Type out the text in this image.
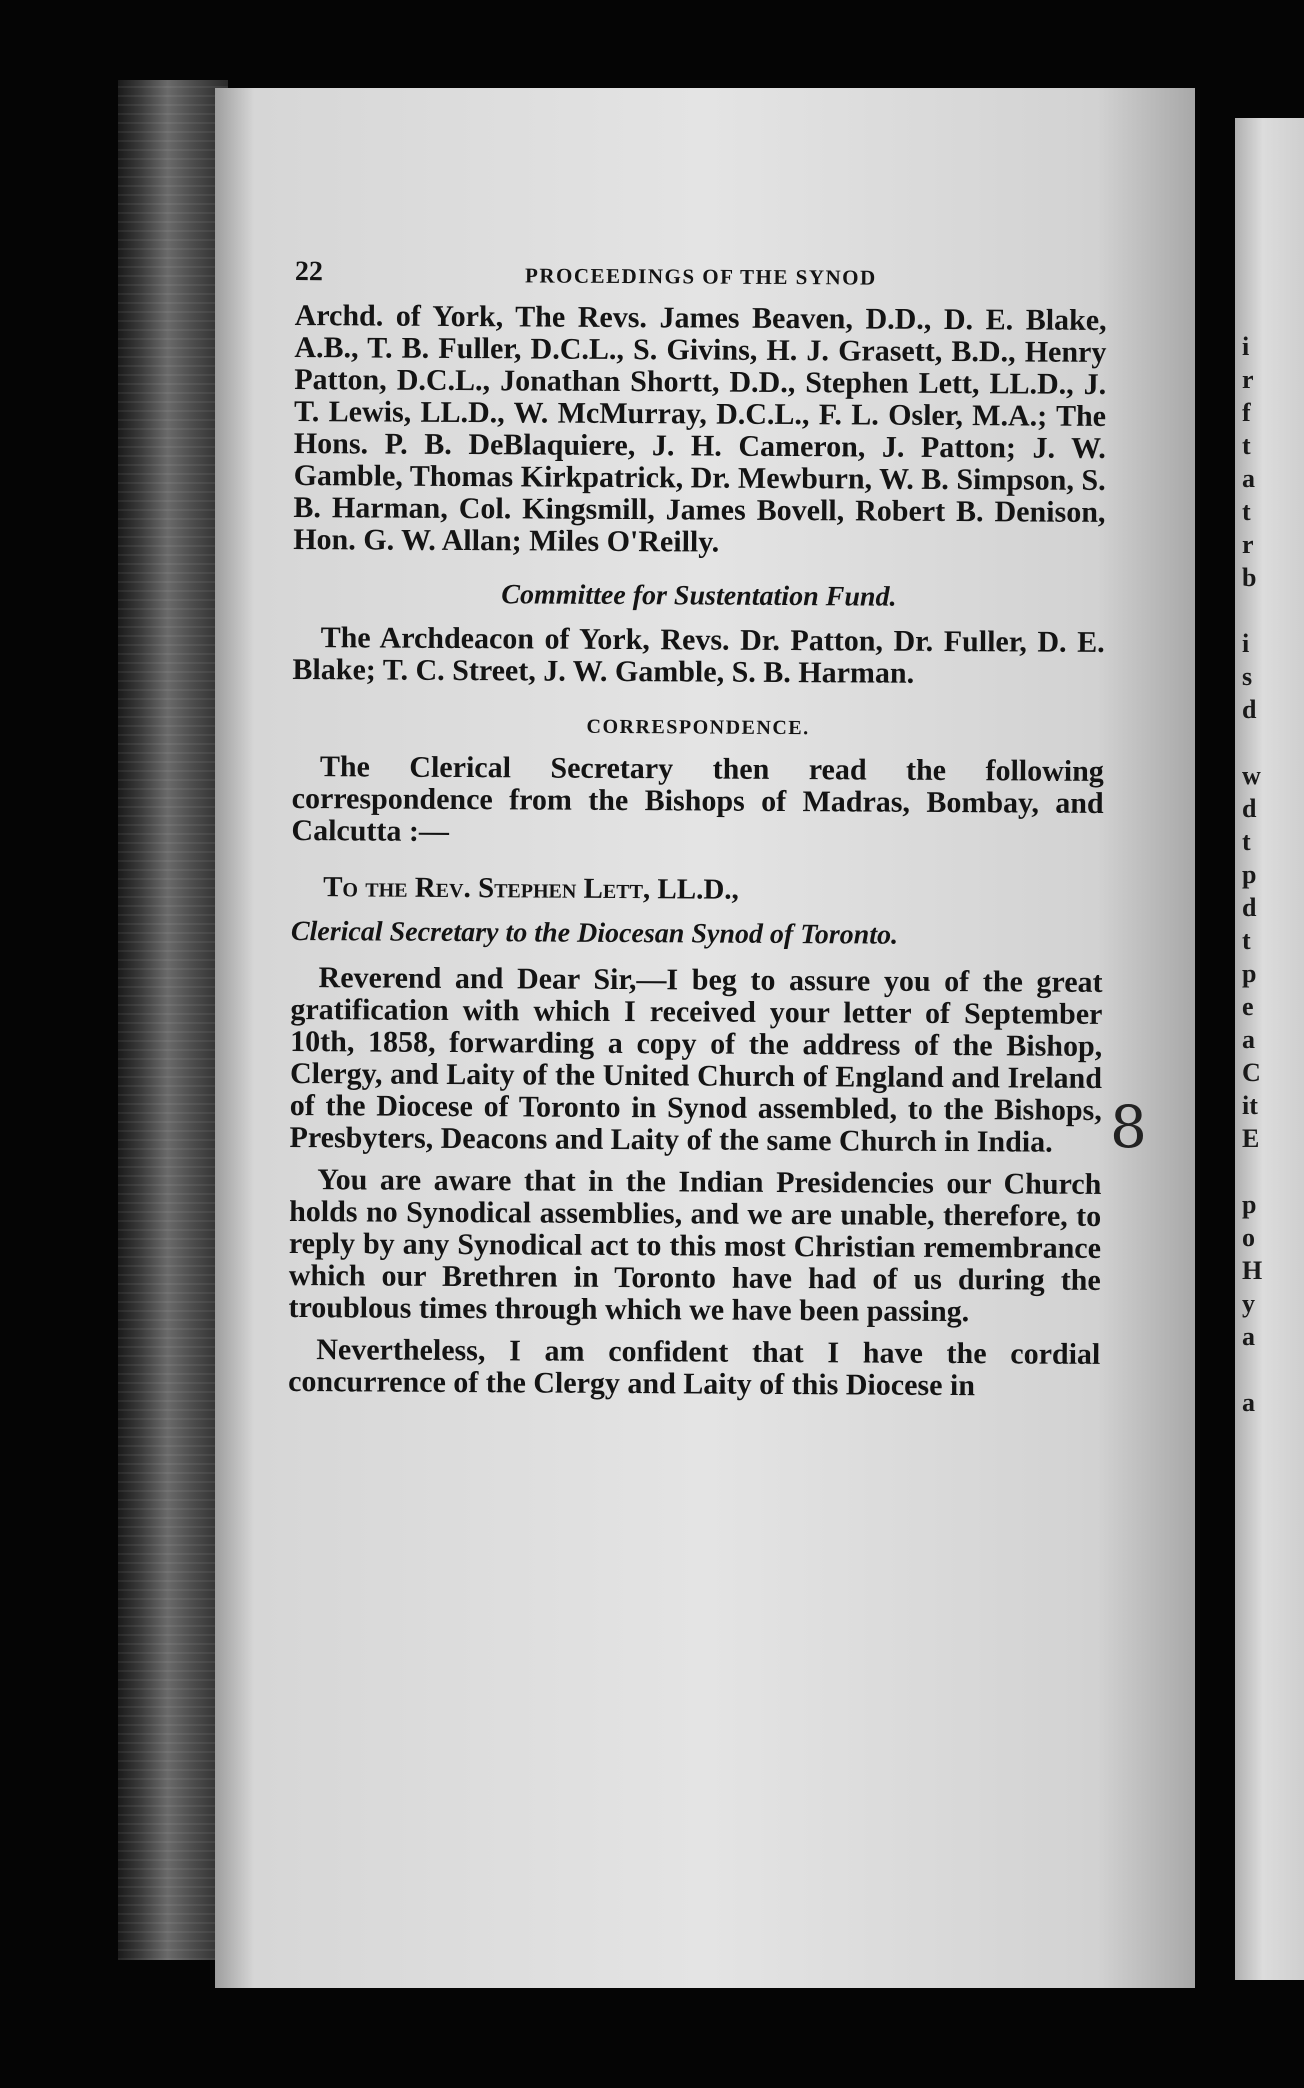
22	PROCEEDINGS OF THE SYNOD

Archd. of York, The Revs. James Beaven, D.D., D. E. Blake, A.B., T. B. Fuller, D.C.L., S. Givins, H. J. Grasett, B.D., Henry Patton, D.C.L., Jonathan Shortt, D.D., Stephen Lett, LL.D., J. T. Lewis, LL.D., W. McMurray, D.C.L., F. L. Osler, M.A.; The Hons. P. B. DeBlaquiere, J. H. Cameron, J. Patton; J. W. Gamble, Thomas Kirkpatrick, Dr. Mewburn, W. B. Simpson, S. B. Harman, Col. Kingsmill, James Bovell, Robert B. Denison, Hon. G. W. Allan; Miles O'Reilly.

Committee for Sustentation Fund.

The Archdeacon of York, Revs. Dr. Patton, Dr. Fuller, D. E. Blake; T. C. Street, J. W. Gamble, S. B. Harman.

CORRESPONDENCE.

The Clerical Secretary then read the following correspondence from the Bishops of Madras, Bombay, and Calcutta :—

To the Rev. Stephen Lett, LL.D.,
Clerical Secretary to the Diocesan Synod of Toronto.

Reverend and Dear Sir,—I beg to assure you of the great gratification with which I received your letter of September 10th, 1858, forwarding a copy of the address of the Bishop, Clergy, and Laity of the United Church of England and Ireland of the Diocese of Toronto in Synod assembled, to the Bishops, Presbyters, Deacons and Laity of the same Church in India.

You are aware that in the Indian Presidencies our Church holds no Synodical assemblies, and we are unable, therefore, to reply by any Synodical act to this most Christian remembrance which our Brethren in Toronto have had of us during the troublous times through which we have been passing.

Nevertheless, I am confident that I have the cordial concurrence of the Clergy and Laity of this Diocese in

8
i
r
f
t
a
t
r
b

i
s
d

w
d
t
p
d
t
p
e
a
C
it
E

p
o
H
y
a

a
